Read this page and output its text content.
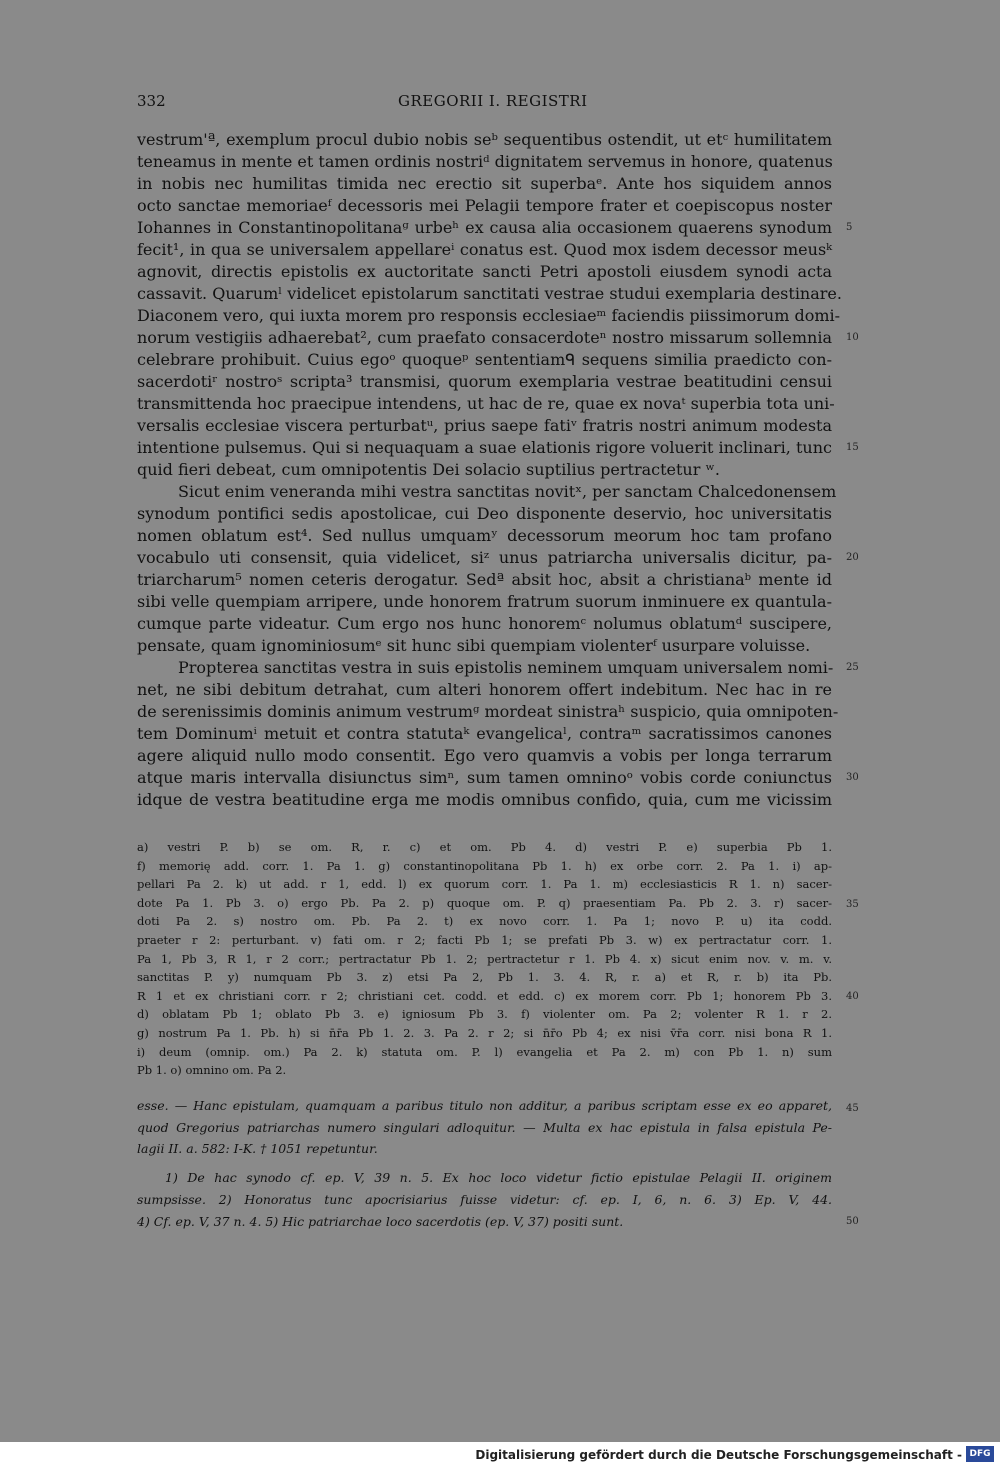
332	GREGORII I. REGISTRI
vestrum'ª, exemplum procul dubio nobis seᵇ sequentibus ostendit, ut etᶜ humilitatem
teneamus in mente et tamen ordinis nostriᵈ dignitatem servemus in honore, quatenus
in nobis nec humilitas timida nec erectio sit superbaᵉ. Ante hos siquidem annos
octo sanctae memoriaeᶠ decessoris mei Pelagii tempore frater et coepiscopus noster
Iohannes in Constantinopolitanaᵍ urbeʰ ex causa alia occasionem quaerens synodum
fecit¹, in qua se universalem appellareⁱ conatus est. Quod mox isdem decessor meusᵏ
agnovit, directis epistolis ex auctoritate sancti Petri apostoli eiusdem synodi acta
cassavit. Quarumˡ videlicet epistolarum sanctitati vestrae studui exemplaria destinare.
Diaconem vero, qui iuxta morem pro responsis ecclesiaeᵐ faciendis piissimorum domi-
norum vestigiis adhaerebat², cum praefato consacerdoteⁿ nostro missarum sollemnia
celebrare prohibuit. Cuius egoᵒ quoqueᵖ sententiamᑫ sequens similia praedicto con-
sacerdotiʳ nostroˢ scripta³ transmisi, quorum exemplaria vestrae beatitudini censui
transmittenda hoc praecipue intendens, ut hac de re, quae ex novaᵗ superbia tota uni-
versalis ecclesiae viscera perturbatᵘ, prius saepe fatiᵛ fratris nostri animum modesta
intentione pulsemus. Qui si nequaquam a suae elationis rigore voluerit inclinari, tunc
quid fieri debeat, cum omnipotentis Dei solacio suptilius pertractetur ʷ.
Sicut enim veneranda mihi vestra sanctitas novitˣ, per sanctam Chalcedonensem
synodum pontifici sedis apostolicae, cui Deo disponente deservio, hoc universitatis
nomen oblatum est⁴. Sed nullus umquamʸ decessorum meorum hoc tam profano
vocabulo uti consensit, quia videlicet, siᶻ unus patriarcha universalis dicitur, pa-
triarcharum⁵ nomen ceteris derogatur. Sedª absit hoc, absit a christianaᵇ mente id
sibi velle quempiam arripere, unde honorem fratrum suorum inminuere ex quantula-
cumque parte videatur. Cum ergo nos hunc honoremᶜ nolumus oblatumᵈ suscipere,
pensate, quam ignominiosumᵉ sit hunc sibi quempiam violenterᶠ usurpare voluisse.
Propterea sanctitas vestra in suis epistolis neminem umquam universalem nomi-
net, ne sibi debitum detrahat, cum alteri honorem offert indebitum. Nec hac in re
de serenissimis dominis animum vestrumᵍ mordeat sinistraʰ suspicio, quia omnipoten-
tem Dominumⁱ metuit et contra statutaᵏ evangelicaˡ, contraᵐ sacratissimos canones
agere aliquid nullo modo consentit. Ego vero quamvis a vobis per longa terrarum
atque maris intervalla disiunctus simⁿ, sum tamen omninoᵒ vobis corde coniunctus
idque de vestra beatitudine erga me modis omnibus confido, quia, cum me vicissim
5
10
15
20
25
30
35
40
45
50
a) vestri P. b) se om. R, r. c) et om. Pb 4. d) vestri P. e) superbia Pb 1.
f) memorię add. corr. 1. Pa 1. g) constantinopolitana Pb 1. h) ex orbe corr. 2. Pa 1. i) ap-
pellari Pa 2. k) ut add. r 1, edd. l) ex quorum corr. 1. Pa 1. m) ecclesiasticis R 1. n) sacer-
dote Pa 1. Pb 3. o) ergo Pb. Pa 2. p) quoque om. P. q) praesentiam Pa. Pb 2. 3. r) sacer-
doti Pa 2. s) nostro om. Pb. Pa 2. t) ex novo corr. 1. Pa 1; novo P. u) ita codd.
praeter r 2: perturbant. v) fati om. r 2; facti Pb 1; se prefati Pb 3. w) ex pertractatur corr. 1.
Pa 1, Pb 3, R 1, r 2 corr.; pertractatur Pb 1. 2; pertractetur r 1. Pb 4. x) sicut enim nov. v. m. v.
sanctitas P. y) numquam Pb 3. z) etsi Pa 2, Pb 1. 3. 4. R, r. a) et R, r. b) ita Pb.
R 1 et ex christiani corr. r 2; christiani cet. codd. et edd. c) ex morem corr. Pb 1; honorem Pb 3.
d) oblatam Pb 1; oblato Pb 3. e) igniosum Pb 3. f) violenter om. Pa 2; volenter R 1. r 2.
g) nostrum Pa 1. Pb. h) si n̄r̄a Pb 1. 2. 3. Pa 2. r 2; si n̄r̄o Pb 4; ex nisi v̄r̄a corr. nisi bona R 1.
i) deum (omnip. om.) Pa 2. k) statuta om. P. l) evangelia et Pa 2. m) con Pb 1. n) sum
Pb 1. o) omnino om. Pa 2.
esse. — Hanc epistulam, quamquam a paribus titulo non additur, a paribus scriptam esse ex eo apparet,
quod Gregorius patriarchas numero singulari adloquitur. — Multa ex hac epistula in falsa epistula Pe-
lagii II. a. 582: I-K. † 1051 repetuntur.
1) De hac synodo cf. ep. V, 39 n. 5. Ex hoc loco videtur fictio epistulae Pelagii II. originem
sumpsisse. 2) Honoratus tunc apocrisiarius fuisse videtur: cf. ep. I, 6, n. 6. 3) Ep. V, 44.
4) Cf. ep. V, 37 n. 4. 5) Hic patriarchae loco sacerdotis (ep. V, 37) positi sunt.
Digitalisierung gefördert durch die Deutsche Forschungsgemeinschaft - DFG
